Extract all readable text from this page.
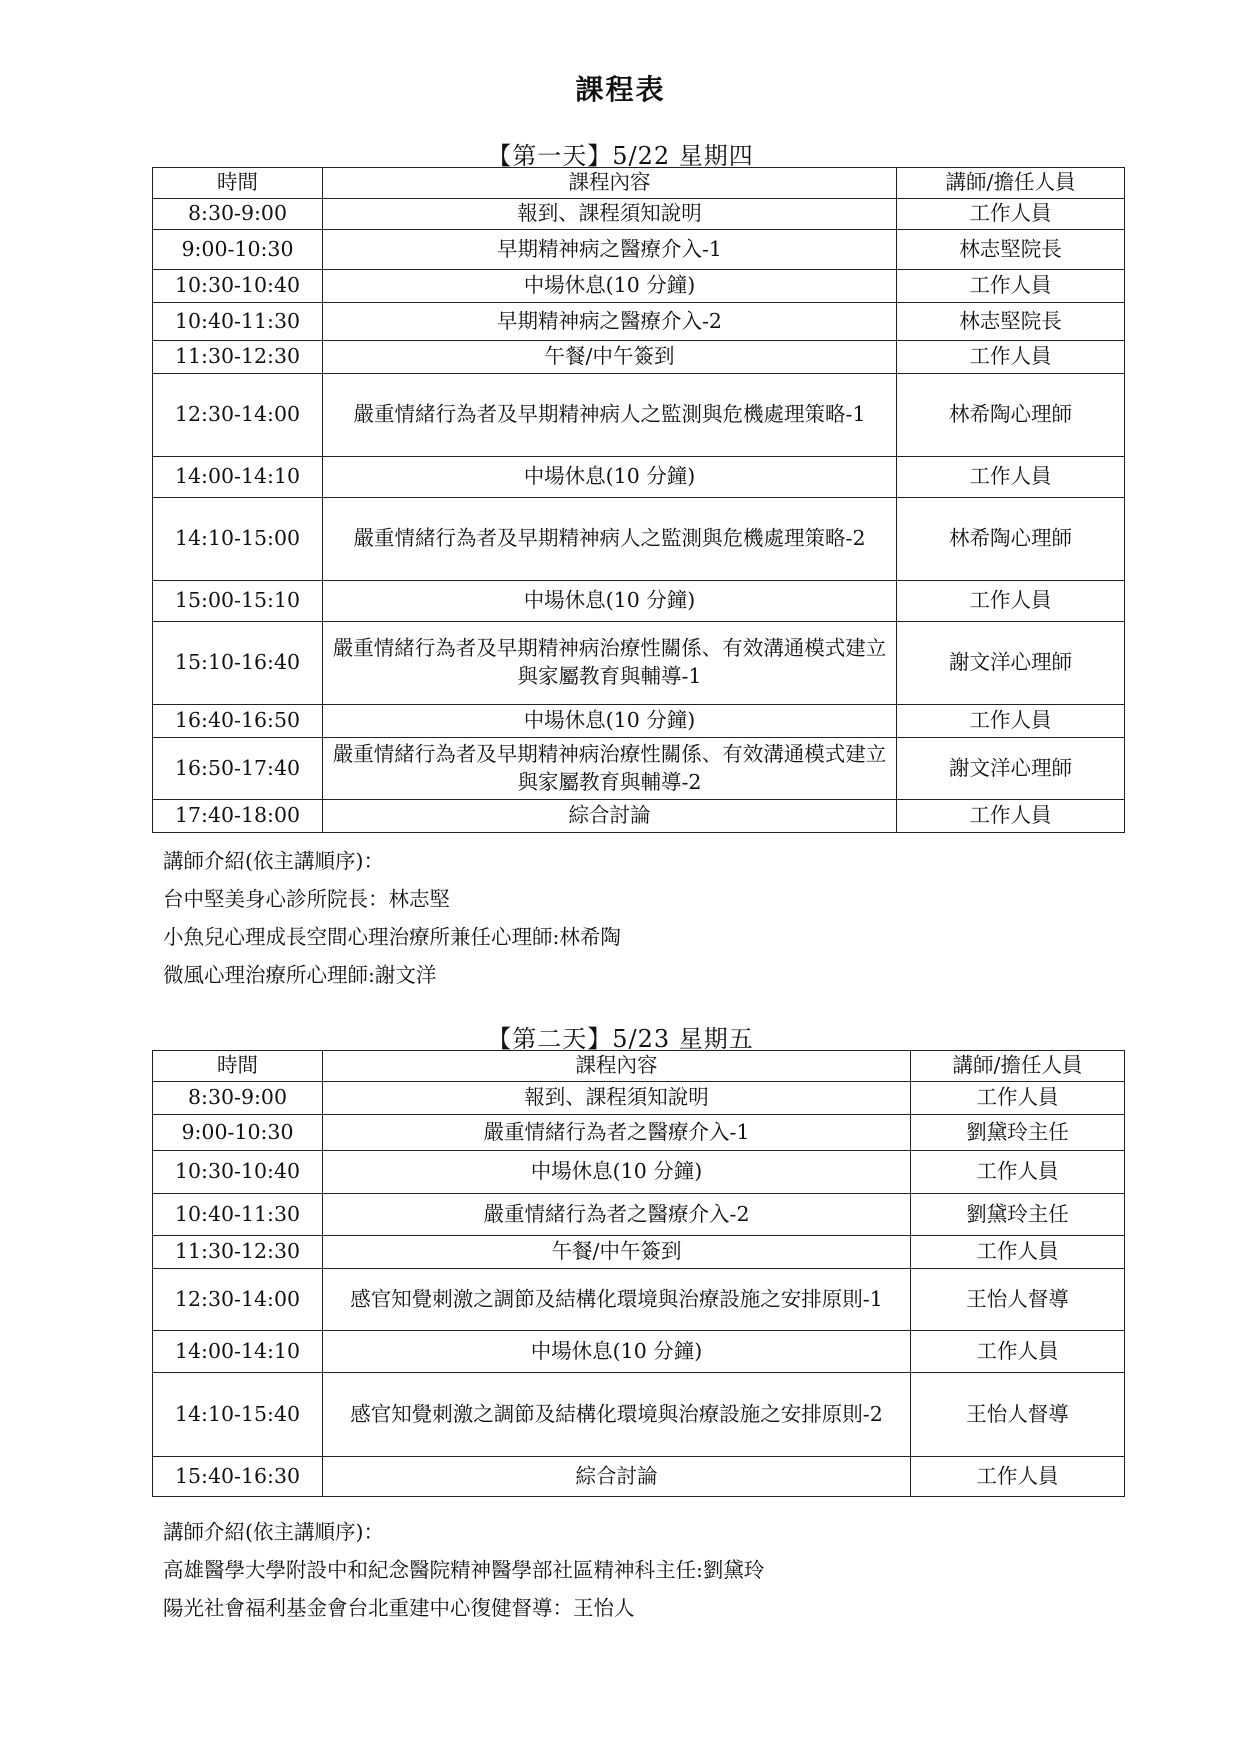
課程表
【第一天】5/22 星期四
時間	課程內容	講師/擔任人員
8:30-9:00	報到、課程須知說明	工作人員
9:00-10:30	早期精神病之醫療介入-1	林志堅院長
10:30-10:40	中場休息(10 分鐘)	工作人員
10:40-11:30	早期精神病之醫療介入-2	林志堅院長
11:30-12:30	午餐/中午簽到	工作人員
12:30-14:00	嚴重情緒行為者及早期精神病人之監測與危機處理策略-1	林希陶心理師
14:00-14:10	中場休息(10 分鐘)	工作人員
14:10-15:00	嚴重情緒行為者及早期精神病人之監測與危機處理策略-2	林希陶心理師
15:00-15:10	中場休息(10 分鐘)	工作人員
15:10-16:40	嚴重情緒行為者及早期精神病治療性關係、有效溝通模式建立與家屬教育與輔導-1	謝文洋心理師
16:40-16:50	中場休息(10 分鐘)	工作人員
16:50-17:40	嚴重情緒行為者及早期精神病治療性關係、有效溝通模式建立與家屬教育與輔導-2	謝文洋心理師
17:40-18:00	綜合討論	工作人員
講師介紹(依主講順序)：
台中堅美身心診所院長：林志堅
小魚兒心理成長空間心理治療所兼任心理師:林希陶
微風心理治療所心理師:謝文洋
【第二天】5/23 星期五
時間	課程內容	講師/擔任人員
8:30-9:00	報到、課程須知說明	工作人員
9:00-10:30	嚴重情緒行為者之醫療介入-1	劉黛玲主任
10:30-10:40	中場休息(10 分鐘)	工作人員
10:40-11:30	嚴重情緒行為者之醫療介入-2	劉黛玲主任
11:30-12:30	午餐/中午簽到	工作人員
12:30-14:00	感官知覺刺激之調節及結構化環境與治療設施之安排原則-1	王怡人督導
14:00-14:10	中場休息(10 分鐘)	工作人員
14:10-15:40	感官知覺刺激之調節及結構化環境與治療設施之安排原則-2	王怡人督導
15:40-16:30	綜合討論	工作人員
講師介紹(依主講順序)：
高雄醫學大學附設中和紀念醫院精神醫學部社區精神科主任:劉黛玲
陽光社會福利基金會台北重建中心復健督導：王怡人
